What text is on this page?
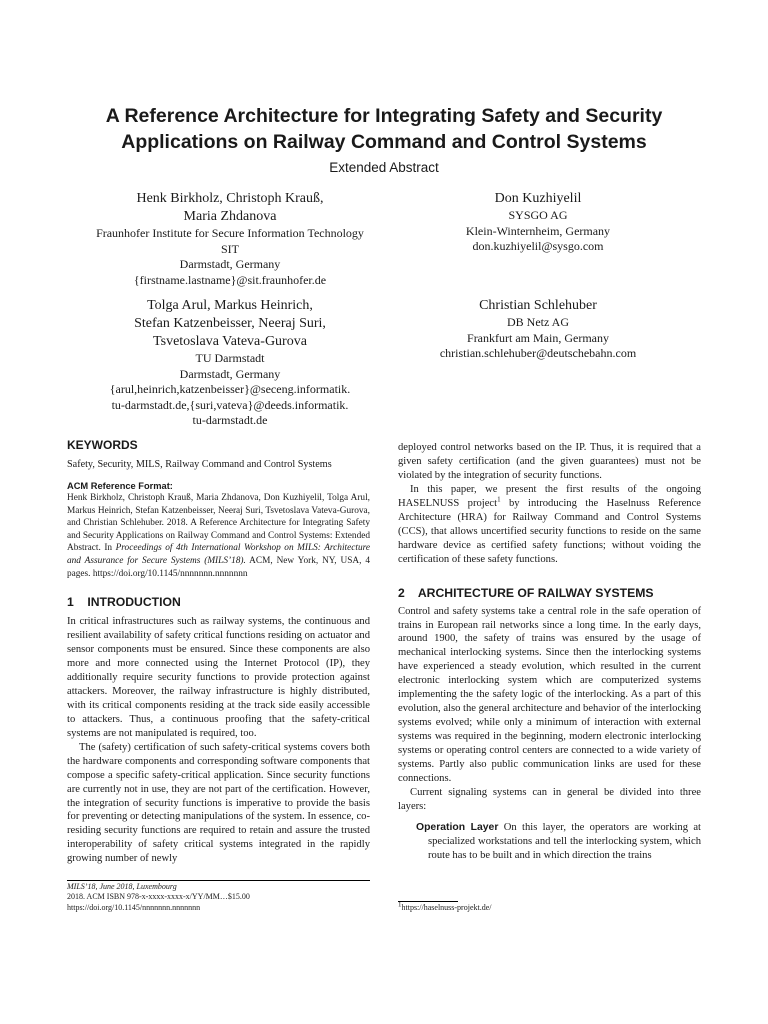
A Reference Architecture for Integrating Safety and Security
Applications on Railway Command and Control Systems
Extended Abstract
Henk Birkholz, Christoph Krauß,
Maria Zhdanova
Fraunhofer Institute for Secure Information Technology
SIT
Darmstadt, Germany
{firstname.lastname}@sit.fraunhofer.de
Don Kuzhiyelil
SYSGO AG
Klein-Winternheim, Germany
don.kuzhiyelil@sysgo.com
Tolga Arul, Markus Heinrich,
Stefan Katzenbeisser, Neeraj Suri,
Tsvetoslava Vateva-Gurova
TU Darmstadt
Darmstadt, Germany
{arul,heinrich,katzenbeisser}@seceng.informatik.
tu-darmstadt.de,{suri,vateva}@deeds.informatik.
tu-darmstadt.de
Christian Schlehuber
DB Netz AG
Frankfurt am Main, Germany
christian.schlehuber@deutschebahn.com
KEYWORDS
Safety, Security, MILS, Railway Command and Control Systems
ACM Reference Format:
Henk Birkholz, Christoph Krauß, Maria Zhdanova, Don Kuzhiyelil, Tolga Arul, Markus Heinrich, Stefan Katzenbeisser, Neeraj Suri, Tsvetoslava Vateva-Gurova, and Christian Schlehuber. 2018. A Reference Architecture for Integrating Safety and Security Applications on Railway Command and Control Systems: Extended Abstract. In Proceedings of 4th International Workshop on MILS: Architecture and Assurance for Secure Systems (MILS’18). ACM, New York, NY, USA, 4 pages. https://doi.org/10.1145/nnnnnnn.nnnnnnn
1    INTRODUCTION
In critical infrastructures such as railway systems, the continuous and resilient availability of safety critical functions residing on actuator and sensor components must be ensured. Since these components are also more and more connected using the Internet Protocol (IP), they additionally require security functions to provide protection against attackers. Moreover, the railway infrastructure is highly distributed, with its critical components residing at the track side easily accessible to attackers. Thus, a continuous proofing that the safety-critical systems are not manipulated is required, too.
The (safety) certification of such safety-critical systems covers both the hardware components and corresponding software components that compose a specific safety-critical application. Since security functions are currently not in use, they are not part of the certification. However, the integration of security functions is imperative to provide the basis for preventing or detecting manipulations of the system. In essence, co-residing security functions are required to retain and assure the trusted interoperability of safety critical systems integrated in the rapidly growing number of newly
deployed control networks based on the IP. Thus, it is required that a given safety certification (and the given guarantees) must not be violated by the integration of security functions.
In this paper, we present the first results of the ongoing HASELNUSS project$^1$ by introducing the Haselnuss Reference Architecture (HRA) for Railway Command and Control Systems (CCS), that allows uncertified security functions to reside on the same hardware device as certified safety functions; without voiding the certification of these safety functions.
2    ARCHITECTURE OF RAILWAY SYSTEMS
Control and safety systems take a central role in the safe operation of trains in European rail networks since a long time. In the early days, around 1900, the safety of trains was ensured by the usage of mechanical interlocking systems. Since then the interlocking systems have experienced a steady evolution, which resulted in the current electronic interlocking system which are computerized systems implementing the the safety logic of the interlocking. As a part of this evolution, also the general architecture and behavior of the interlocking systems evolved; while only a minimum of interaction with external systems was required in the beginning, modern electronic interlocking systems or operating control centers are connected to a wide variety of systems. Partly also public communication links are used for these connections.
Current signaling systems can in general be divided into three layers:
Operation Layer On this layer, the operators are working at specialized workstations and tell the interlocking system, which route has to be built and in which direction the trains
MILS’18, June 2018, Luxembourg
2018. ACM ISBN 978-x-xxxx-xxxx-x/YY/MM…$15.00
https://doi.org/10.1145/nnnnnnn.nnnnnnn	$^1$https://haselnuss-projekt.de/
